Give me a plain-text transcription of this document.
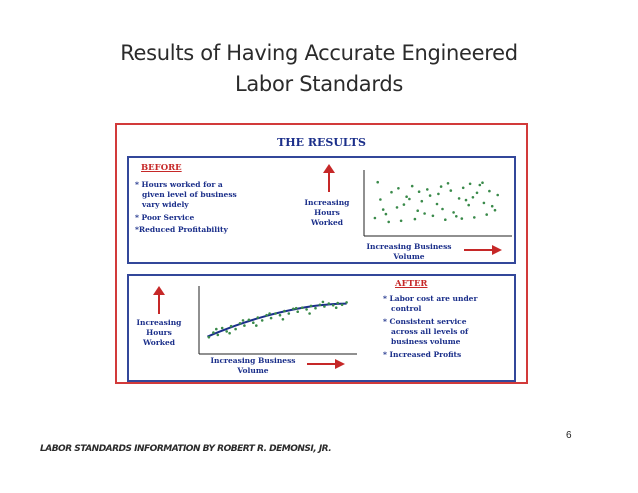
Results of Having Accurate Engineered
Labor Standards
THE RESULTS
BEFORE
* Hours worked for a
given level of business
vary widely
* Poor Service
*Reduced Profitability
Increasing
Hours
Worked
Increasing Business
Volume
Increasing
Hours
Worked
Increasing Business
Volume
AFTER
* Labor cost are under
control
* Consistent service
across all levels of
business volume
* Increased Profits
6
LABOR STANDARDS INFORMATION BY ROBERT R. DEMONSI, JR.
